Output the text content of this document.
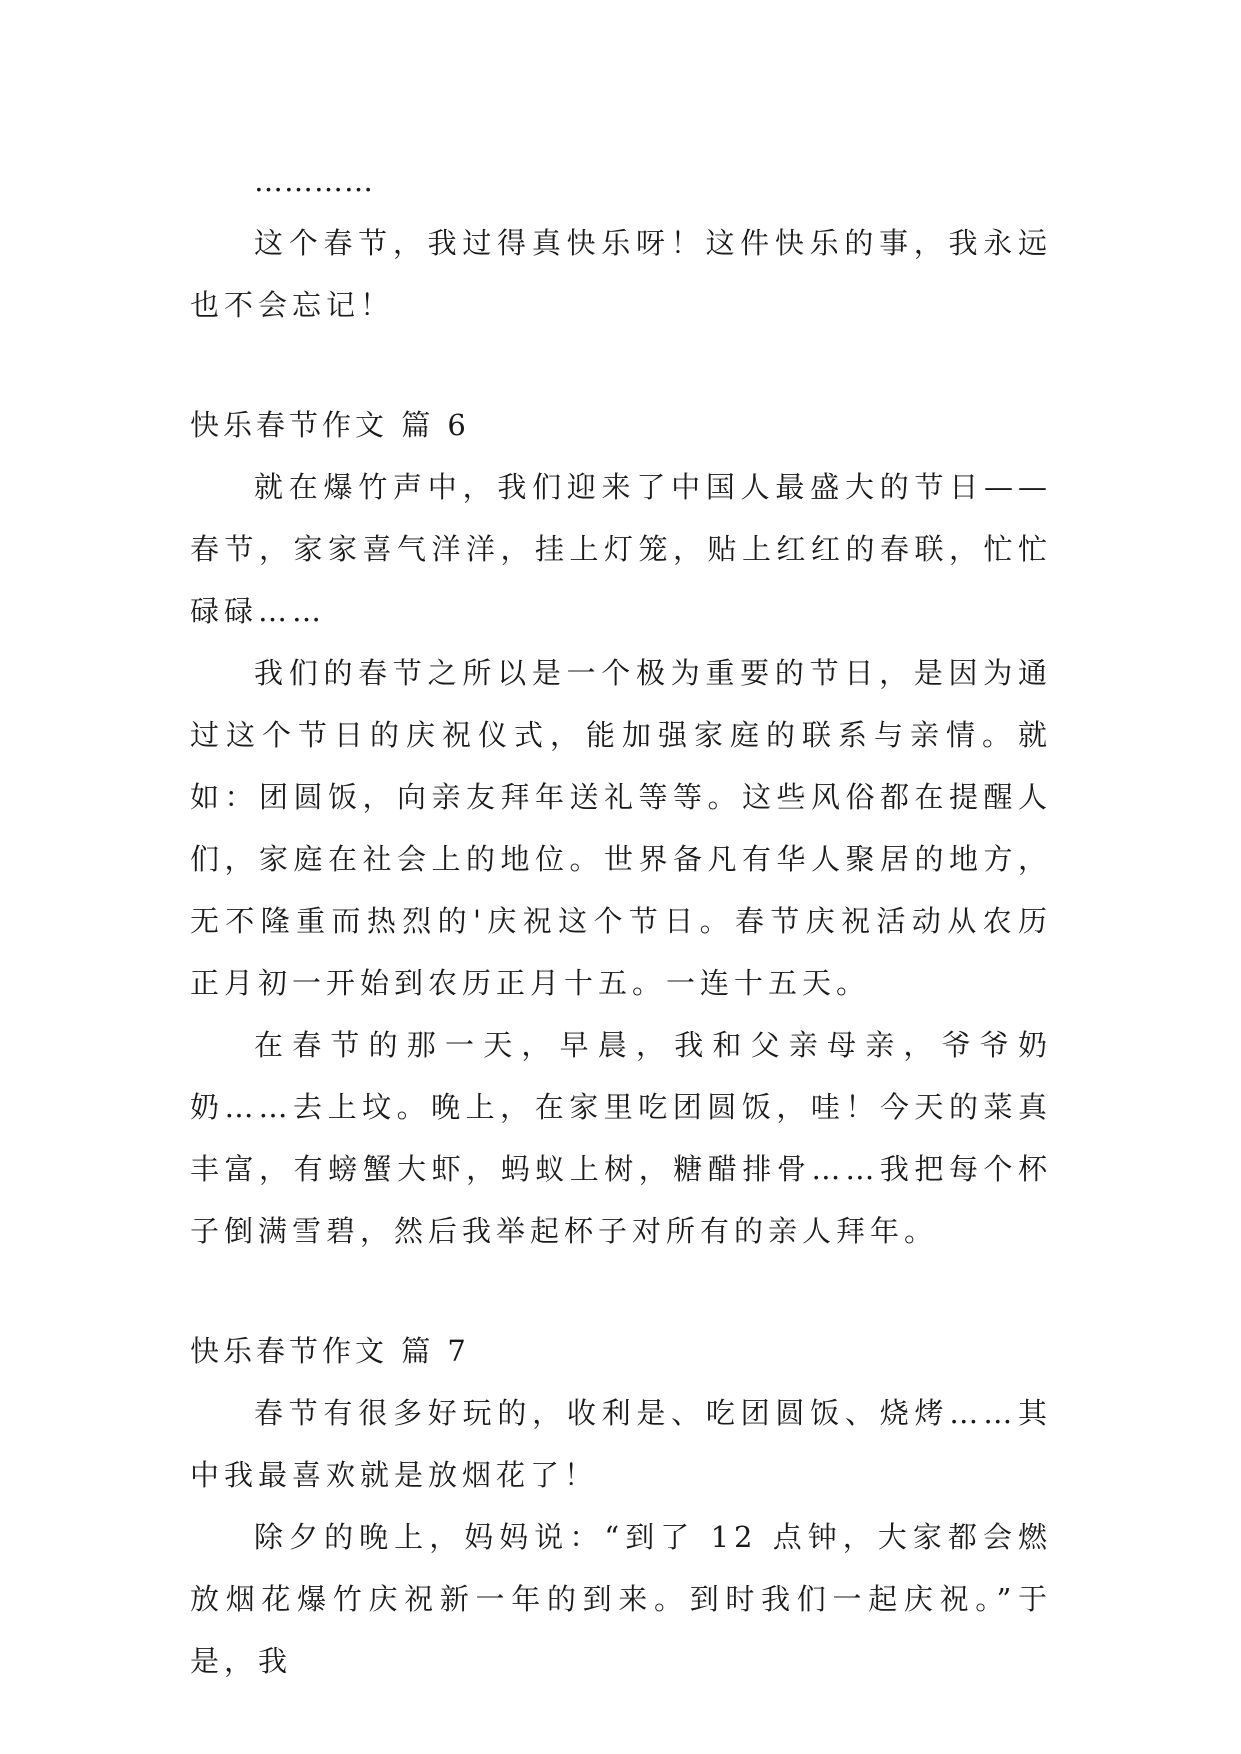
…………

这个春节，我过得真快乐呀！这件快乐的事，我永远也不会忘记！

快乐春节作文 篇 6

就在爆竹声中，我们迎来了中国人最盛大的节日——春节，家家喜气洋洋，挂上灯笼，贴上红红的春联，忙忙碌碌……

我们的春节之所以是一个极为重要的节日，是因为通过这个节日的庆祝仪式，能加强家庭的联系与亲情。就如：团圆饭，向亲友拜年送礼等等。这些风俗都在提醒人们，家庭在社会上的地位。世界备凡有华人聚居的地方，无不隆重而热烈的'庆祝这个节日。春节庆祝活动从农历正月初一开始到农历正月十五。一连十五天。

在春节的那一天，早晨，我和父亲母亲，爷爷奶奶……去上坟。晚上，在家里吃团圆饭，哇！今天的菜真丰富，有螃蟹大虾，蚂蚁上树，糖醋排骨……我把每个杯子倒满雪碧，然后我举起杯子对所有的亲人拜年。

快乐春节作文 篇 7

春节有很多好玩的，收利是、吃团圆饭、烧烤……其中我最喜欢就是放烟花了！

除夕的晚上，妈妈说：“到了 12 点钟，大家都会燃放烟花爆竹庆祝新一年的到来。到时我们一起庆祝。”于是，我
